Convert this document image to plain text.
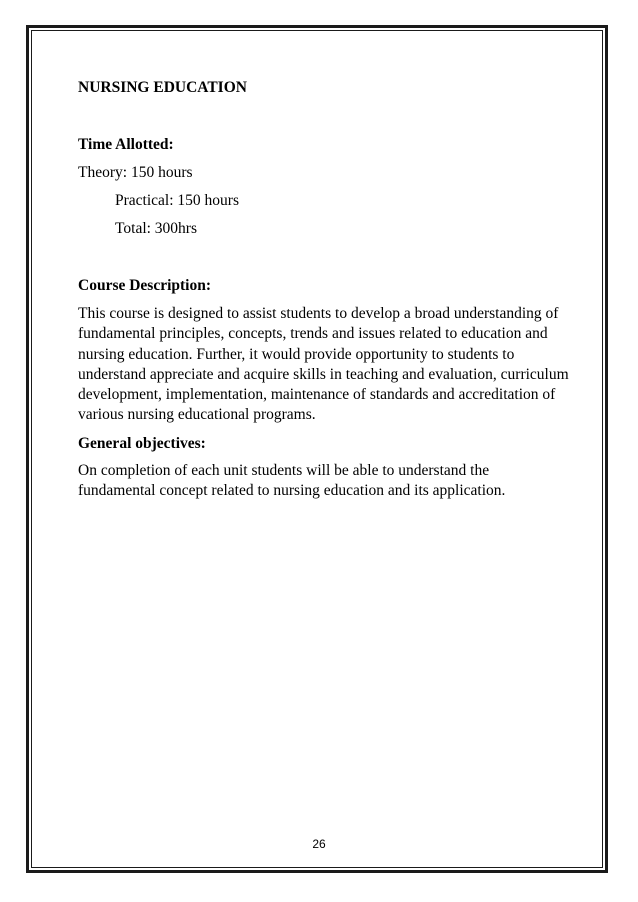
NURSING EDUCATION
Time Allotted:
Theory: 150 hours
Practical: 150 hours
Total: 300hrs
Course Description:
This course is designed to assist students to develop a broad understanding of fundamental principles, concepts, trends and issues related to education and nursing education. Further, it would provide opportunity to students to understand appreciate and acquire skills in teaching and evaluation, curriculum development, implementation, maintenance of standards and accreditation of various nursing educational programs.
General objectives:
On completion of each unit students will be able to understand the fundamental concept related to nursing education and its application.
26
